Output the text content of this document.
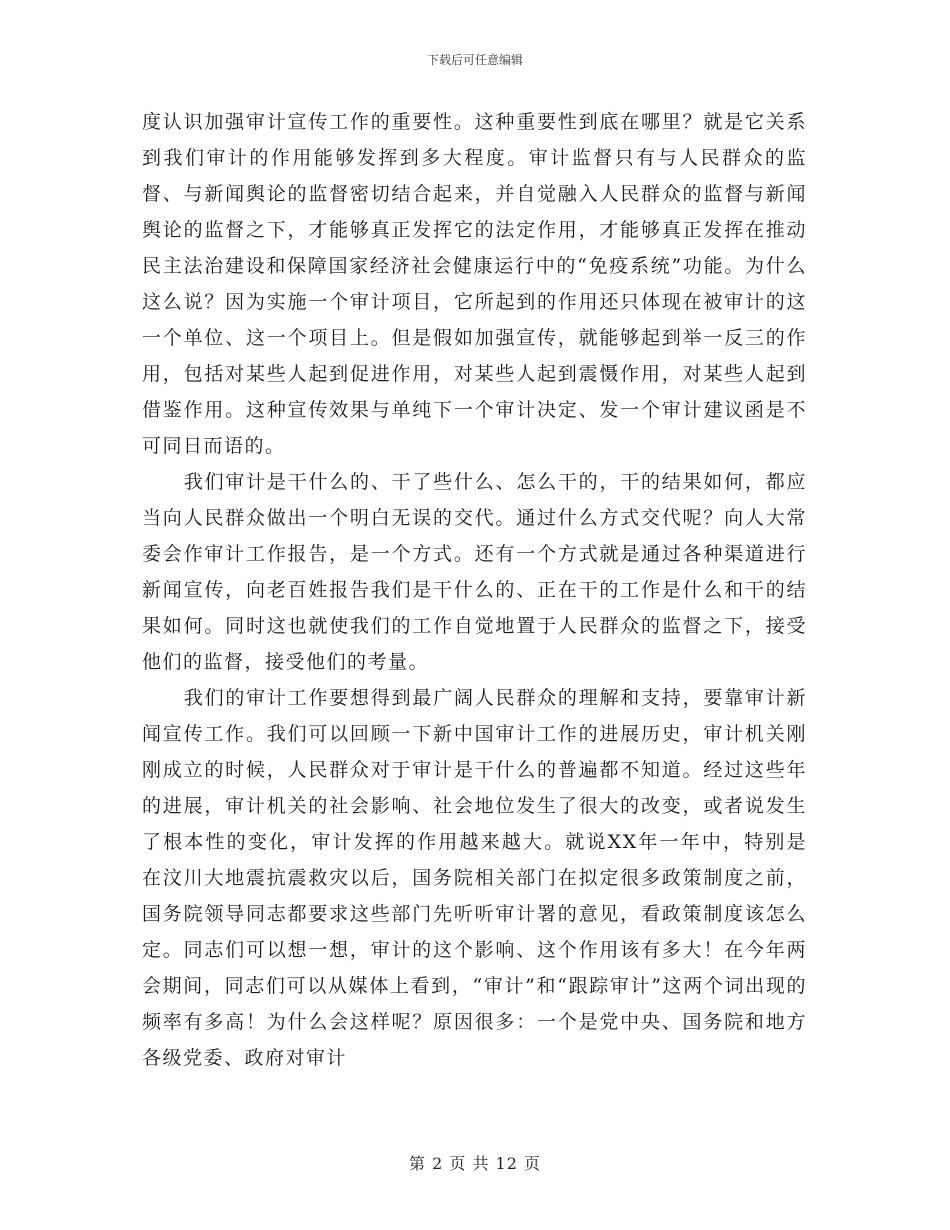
下载后可任意编辑

度认识加强审计宣传工作的重要性。这种重要性到底在哪里？就是它关系到我们审计的作用能够发挥到多大程度。审计监督只有与人民群众的监督、与新闻舆论的监督密切结合起来，并自觉融入人民群众的监督与新闻舆论的监督之下，才能够真正发挥它的法定作用，才能够真正发挥在推动民主法治建设和保障国家经济社会健康运行中的“免疫系统”功能。为什么这么说？因为实施一个审计项目，它所起到的作用还只体现在被审计的这一个单位、这一个项目上。但是假如加强宣传，就能够起到举一反三的作用，包括对某些人起到促进作用，对某些人起到震慑作用，对某些人起到借鉴作用。这种宣传效果与单纯下一个审计决定、发一个审计建议函是不可同日而语的。

我们审计是干什么的、干了些什么、怎么干的，干的结果如何，都应当向人民群众做出一个明白无误的交代。通过什么方式交代呢？向人大常委会作审计工作报告，是一个方式。还有一个方式就是通过各种渠道进行新闻宣传，向老百姓报告我们是干什么的、正在干的工作是什么和干的结果如何。同时这也就使我们的工作自觉地置于人民群众的监督之下，接受他们的监督，接受他们的考量。

我们的审计工作要想得到最广阔人民群众的理解和支持，要靠审计新闻宣传工作。我们可以回顾一下新中国审计工作的进展历史，审计机关刚刚成立的时候，人民群众对于审计是干什么的普遍都不知道。经过这些年的进展，审计机关的社会影响、社会地位发生了很大的改变，或者说发生了根本性的变化，审计发挥的作用越来越大。就说XX年一年中，特别是在汶川大地震抗震救灾以后，国务院相关部门在拟定很多政策制度之前，国务院领导同志都要求这些部门先听听审计署的意见，看政策制度该怎么定。同志们可以想一想，审计的这个影响、这个作用该有多大！在今年两会期间，同志们可以从媒体上看到，“审计”和“跟踪审计”这两个词出现的频率有多高！为什么会这样呢？原因很多：一个是党中央、国务院和地方各级党委、政府对审计

第 2 页 共 12 页
